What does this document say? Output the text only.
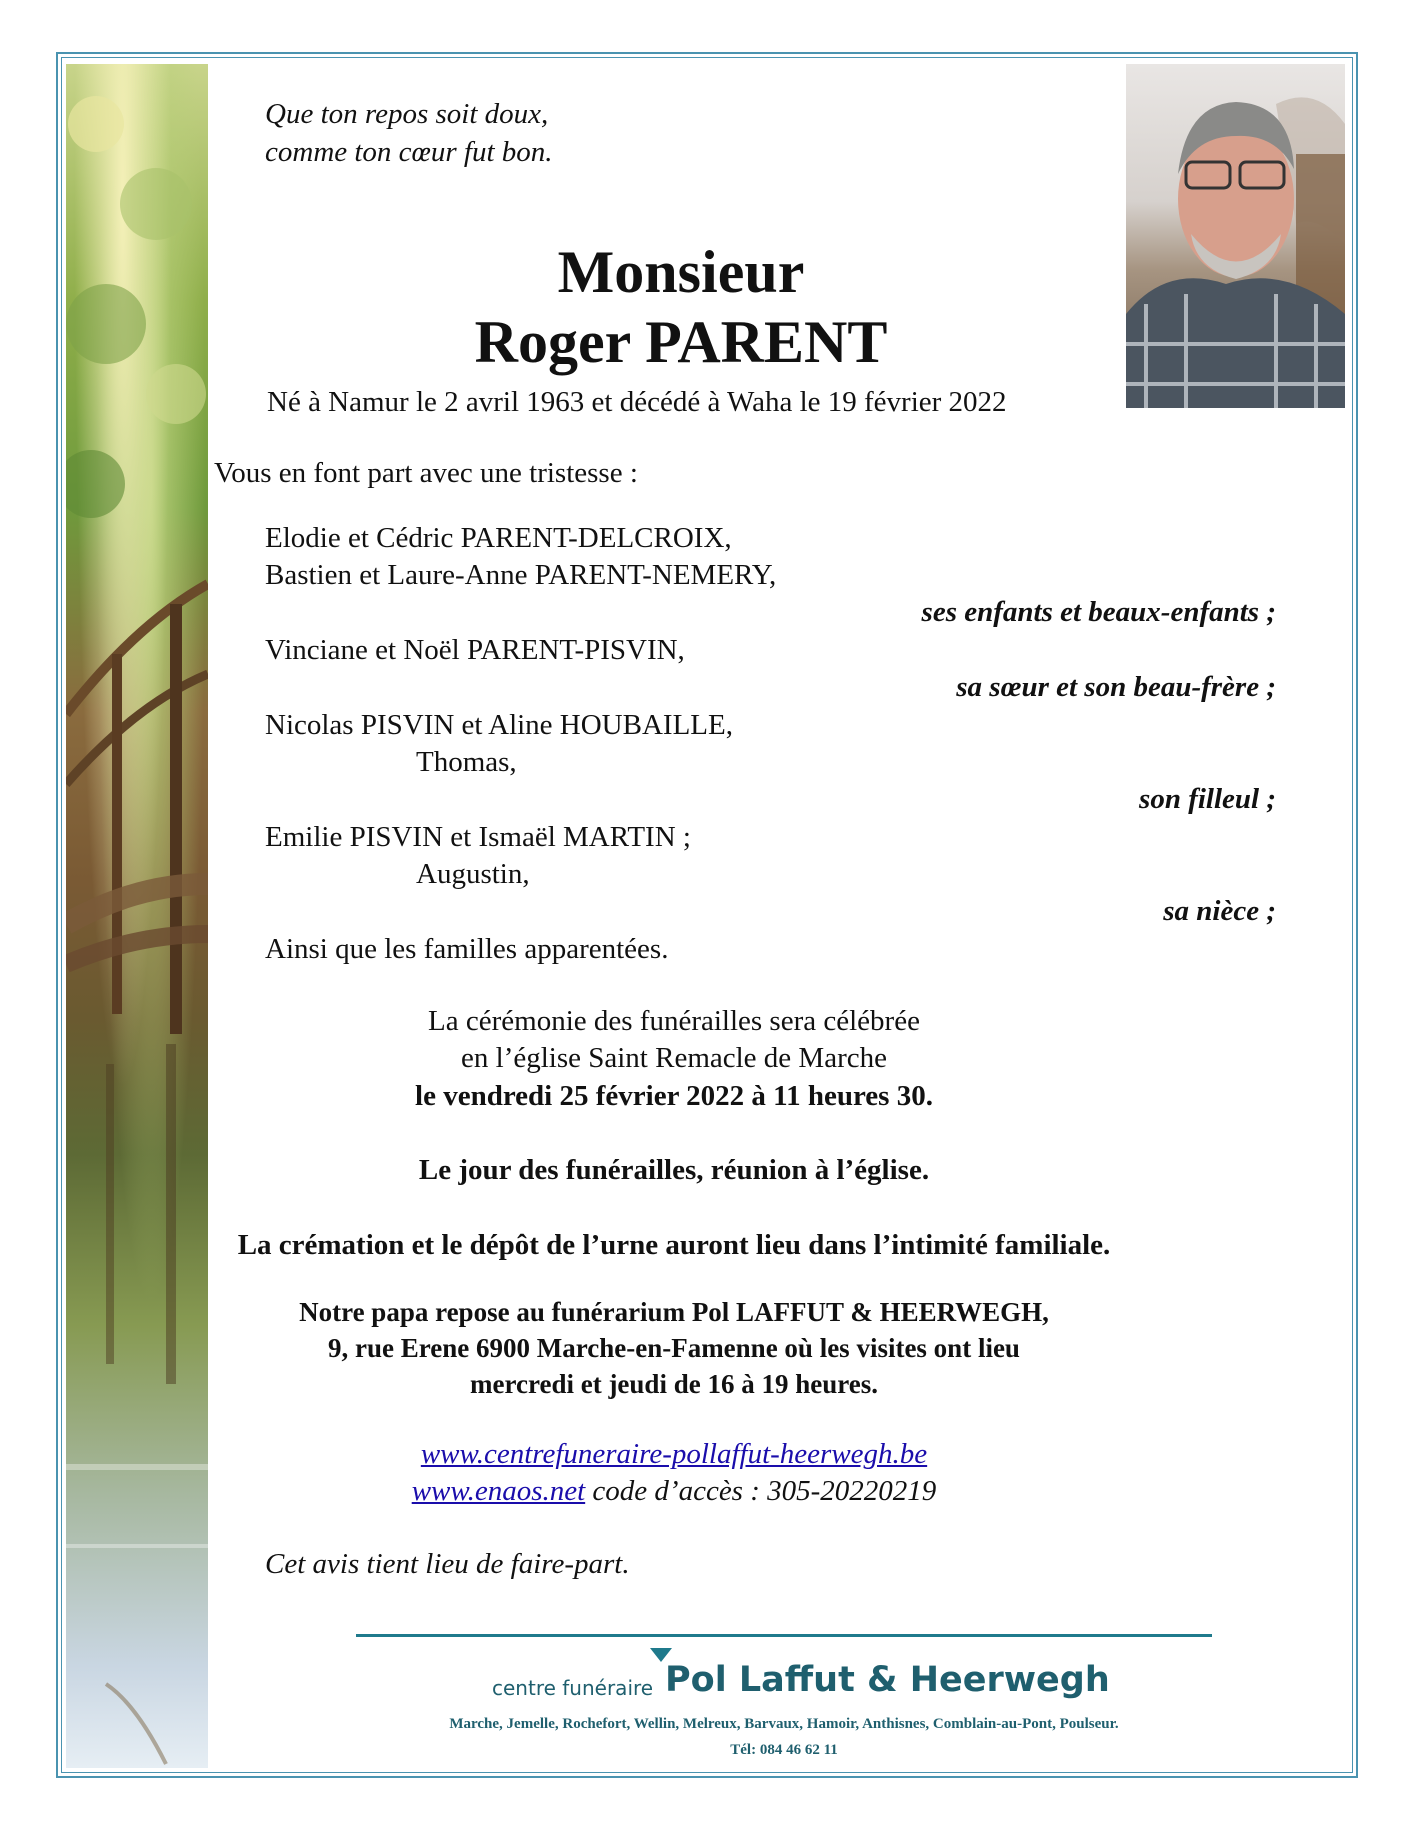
Que ton repos soit doux,
comme ton cœur fut bon.
Monsieur
Roger PARENT
Né à Namur le 2 avril 1963 et décédé à Waha le 19 février 2022
Vous en font part avec une tristesse :
Elodie et Cédric PARENT-DELCROIX,
Bastien et Laure-Anne PARENT-NEMERY,
ses enfants et beaux-enfants ;
Vinciane et Noël PARENT-PISVIN,
sa sœur et son beau-frère ;
Nicolas PISVIN et Aline HOUBAILLE,
Thomas,
son filleul ;
Emilie PISVIN et Ismaël MARTIN ;
Augustin,
sa nièce ;
Ainsi que les familles apparentées.
La cérémonie des funérailles sera célébrée
en l’église Saint Remacle de Marche
le vendredi 25 février 2022 à 11 heures 30.
Le jour des funérailles, réunion à l’église.
La crémation et le dépôt de l’urne auront lieu dans l’intimité familiale.
Notre papa repose au funérarium Pol LAFFUT & HEERWEGH,
9, rue Erene 6900 Marche-en-Famenne où les visites ont lieu
mercredi et jeudi de 16 à 19 heures.
www.centrefuneraire-pollaffut-heerwegh.be
www.enaos.net code d’accès : 305-20220219
Cet avis tient lieu de faire-part.
centre funéraire Pol Laffut & Heerwegh
Marche, Jemelle, Rochefort, Wellin, Melreux, Barvaux, Hamoir, Anthisnes, Comblain-au-Pont, Poulseur.
Tél: 084 46 62 11
